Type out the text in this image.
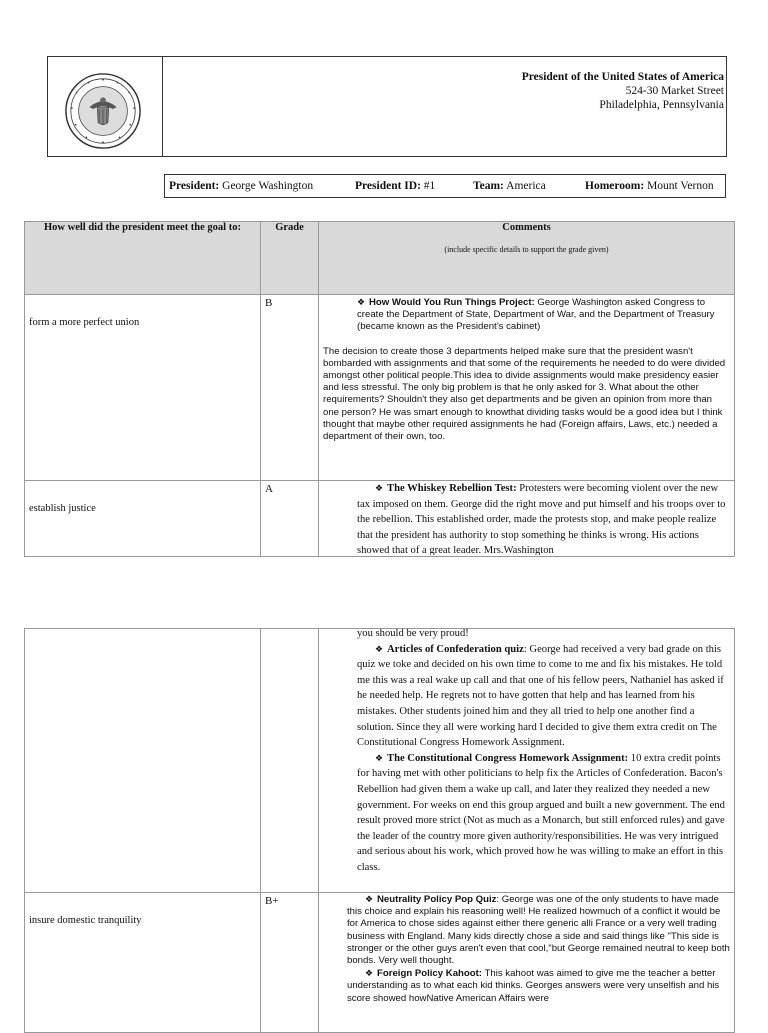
President of the United States of America
524-30 Market Street
Philadelphia, Pennsylvania
President: George Washington	President ID: #1	Team: America	Homeroom: Mount Vernon
How well did the president meet the goal to:	Grade	Comments
(include specific details to support the grade given)

form a more perfect union	B	❖ How Would You Run Things Project: George Washington asked Congress to create the Department of State, Department of War, and the Department of Treasury (became known as the President’s cabinet)
The decision to create those 3 departments helped make sure that the president wasn't bombarded with assignments and that some of the requirements he needed to do were divided amongst other political people.This idea to divide assignments would make presidency easier and less stressful. The only big problem is that he only asked for 3. What about the other requirements? Shouldn't they also get departments and be given an opinion from more than one person? He was smart enough to knowthat dividing tasks would be a good idea but I think thought that maybe other required assignments he had (Foreign affairs, Laws, etc.) needed a department of their own, too.

establish justice	A	❖ The Whiskey Rebellion Test: Protesters were becoming violent over the new tax imposed on them. George did the right move and put himself and his troops over to the rebellion. This established order, made the protests stop, and make people realize that the president has authority to stop something he thinks is wrong. His actions showed that of a great leader. Mrs.Washington

		you should be very proud!
❖ Articles of Confederation quiz: George had received a very bad grade on this quiz we toke and decided on his own time to come to me and fix his mistakes. He told me this was a real wake up call and that one of his fellow peers, Nathaniel has asked if he needed help. He regrets not to have gotten that help and has learned from his mistakes. Other students joined him and they all tried to help one another find a solution. Since they all were working hard I decided to give them extra credit on The Constitutional Congress Homework Assignment.
❖ The Constitutional Congress Homework Assignment: 10 extra credit points for having met with other politicians to help fix the Articles of Confederation. Bacon's Rebellion had given them a wake up call, and later they realized they needed a new government. For weeks on end this group argued and built a new government. The end result proved more strict (Not as much as a Monarch, but still enforced rules) and gave the leader of the country more given authority/responsibilities. He was very intrigued and serious about his work, which proved how he was willing to make an effort in this class.

insure domestic tranquility	B+	❖ Neutrality Policy Pop Quiz: George was one of the only students to have made this choice and explain his reasoning well! He realized howmuch of a conflict it would be for America to chose sides against either there generic alli France or a very well trading business with England. Many kids directly chose a side and said things like "This side is stronger or the other guys aren't even that cool,"but George remained neutral to keep both bonds. Very well thought.
❖ Foreign Policy Kahoot: This kahoot was aimed to give me the teacher a better understanding as to what each kid thinks. Georges answers were very unselfish and his score showed howNative American Affairs were
